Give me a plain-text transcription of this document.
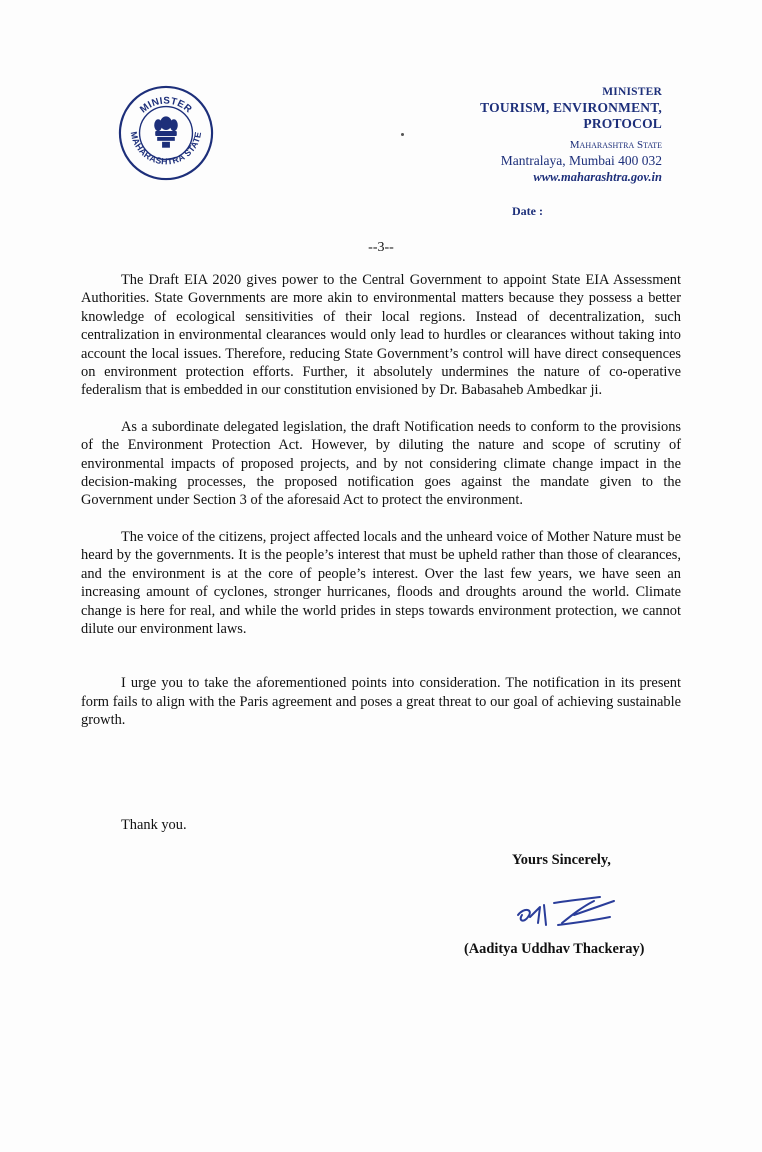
MINISTER
MAHARASHTRA STATE
MINISTER
TOURISM, ENVIRONMENT,
PROTOCOL
Maharashtra State
Mantralaya, Mumbai 400 032
www.maharashtra.gov.in
Date :
--3--

The Draft EIA 2020 gives power to the Central Government to appoint State EIA Assessment Authorities. State Governments are more akin to environmental matters because they possess a better knowledge of ecological sensitivities of their local regions. Instead of decentralization, such centralization in environmental clearances would only lead to hurdles or clearances without taking into account the local issues. Therefore, reducing State Government’s control will have direct consequences on environment protection efforts. Further, it absolutely undermines the nature of co-operative federalism that is embedded in our constitution envisioned by Dr. Babasaheb Ambedkar ji.

As a subordinate delegated legislation, the draft Notification needs to conform to the provisions of the Environment Protection Act. However, by diluting the nature and scope of scrutiny of environmental impacts of proposed projects, and by not considering climate change impact in the decision-making processes, the proposed notification goes against the mandate given to the Government under Section 3 of the aforesaid Act to protect the environment.

The voice of the citizens, project affected locals and the unheard voice of Mother Nature must be heard by the governments. It is the people’s interest that must be upheld rather than those of clearances, and the environment is at the core of people’s interest. Over the last few years, we have seen an increasing amount of cyclones, stronger hurricanes, floods and droughts around the world. Climate change is here for real, and while the world prides in steps towards environment protection, we cannot dilute our environment laws.

I urge you to take the aforementioned points into consideration. The notification in its present form fails to align with the Paris agreement and poses a great threat to our goal of achieving sustainable growth.

Thank you.
Yours Sincerely,
(Aaditya Uddhav Thackeray)
